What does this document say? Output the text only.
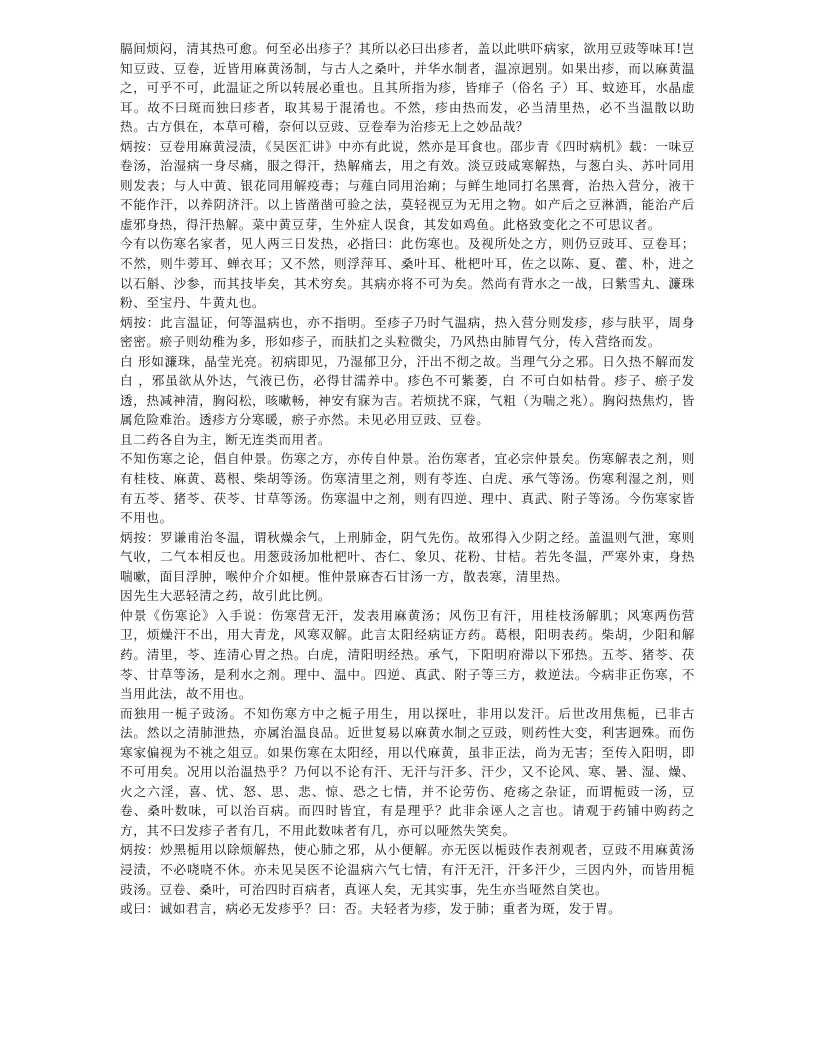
膈间烦闷，清其热可愈。何至必出疹子？其所以必曰出疹者，盖以此哄吓病家，欲用豆豉等味耳!岂知豆豉、豆卷，近皆用麻黄汤制，与古人之桑叶，并华水制者，温凉迥别。如果出疹，而以麻黄温之，可乎不可，此温证之所以转展必重也。且其所指为疹，皆痱子（俗名 子）耳、蚊迹耳，水晶虚 耳。故不曰斑而独曰疹者，取其易于混淆也。不然，疹由热而发，必当清里热，必不当温散以助热。古方俱在，本草可稽，奈何以豆豉、豆卷奉为治疹无上之妙品哉？

炳按：豆卷用麻黄浸渍，《吴医汇讲》中亦有此说，然亦是耳食也。邵步青《四时病机》载：一味豆卷汤，治湿病一身尽痛，服之得汗，热解痛去，用之有效。淡豆豉咸寒解热，与葱白头、苏叶同用则发表；与人中黄、银花同用解疫毒；与薤白同用治痢；与鲜生地同打名黑膏，治热入营分，液干不能作汗，以养阴济汗。以上皆凿凿可验之法，莫轻视豆为无用之物。如产后之豆淋酒，能治产后虚邪身热，得汗热解。菜中黄豆芽，生外症人误食，其发如鸡鱼。此格致变化之不可思议者。

今有以伤寒名家者，见人两三日发热，必指曰：此伤寒也。及视所处之方，则仍豆豉耳、豆卷耳；不然，则牛蒡耳、蝉衣耳；又不然，则浮萍耳、桑叶耳、枇杷叶耳，佐之以陈、夏、藿、朴，进之以石斛、沙参，而其技毕矣，其术穷矣。其病亦将不可为矣。然尚有背水之一战，曰紫雪丸、濂珠粉、至宝丹、牛黄丸也。

炳按：此言温证，何等温病也，亦不指明。至疹子乃时气温病，热入营分则发疹，疹与肤平，周身密密。瘀子则幼稚为多，形如疹子，而肤扪之头粒微尖，乃风热由肺胃气分，传入营络而发。

白 形如濂珠，晶莹光亮。初病即见，乃湿郁卫分，汗出不彻之故。当理气分之邪。日久热不解而发白 ，邪虽欲从外达，气液已伤，必得甘濡养中。疹色不可紫萎，白 不可白如枯骨。疹子、瘀子发透，热减神清，胸闷松，咳嗽畅，神安有寐为吉。若烦扰不寐，气粗（为喘之兆）。胸闷热焦灼，皆属危险难治。透疹方分寒暖，瘀子亦然。未见必用豆豉、豆卷。

且二药各自为主，断无连类而用者。

不知伤寒之论，倡自仲景。伤寒之方，亦传自仲景。治伤寒者，宜必宗仲景矣。伤寒解表之剂，则有桂枝、麻黄、葛根、柴胡等汤。伤寒清里之剂，则有苓连、白虎、承气等汤。伤寒利湿之剂，则有五苓、猪苓、茯苓、甘草等汤。伤寒温中之剂，则有四逆、理中、真武、附子等汤。今伤寒家皆不用也。

炳按：罗谦甫治冬温，谓秋燥余气，上刑肺金，阴气先伤。故邪得入少阴之经。盖温则气泄，寒则气收，二气本相反也。用葱豉汤加枇杷叶、杏仁、象贝、花粉、甘桔。若先冬温，严寒外束，身热喘嗽，面目浮肿，喉仲介介如梗。惟仲景麻杏石甘汤一方，散表寒，清里热。

因先生大恶轻清之药，故引此比例。

仲景《伤寒论》入手说：伤寒营无汗，发表用麻黄汤；风伤卫有汗，用桂枝汤解肌；风寒两伤营卫，烦燥汗不出，用大青龙，风寒双解。此言太阳经病证方药。葛根，阳明表药。柴胡，少阳和解药。清里，苓、连清心胃之热。白虎，清阳明经热。承气，下阳明府滞以下邪热。五苓、猪苓、茯苓、甘草等汤，是利水之剂。理中、温中。四逆、真武、附子等三方，救逆法。今病非正伤寒，不当用此法，故不用也。

而独用一栀子豉汤。不知伤寒方中之栀子用生，用以探吐，非用以发汗。后世改用焦栀，已非古法。然以之清肺泄热，亦属治温良品。近世复易以麻黄水制之豆豉，则药性大变，利害迥殊。而伤寒家偏视为不祧之俎豆。如果伤寒在太阳经，用以代麻黄，虽非正法，尚为无害；至传入阳明，即不可用矣。况用以治温热乎？乃何以不论有汗、无汗与汗多、汗少，又不论风、寒、暑、湿、燥、火之六淫，喜、忧、怒、思、悲、惊、恐之七情，并不论劳伤、疮疡之杂证，而谓栀豉一汤，豆卷、桑叶数味，可以治百病。而四时皆宜，有是理乎？此非余诬人之言也。请观于药铺中购药之方，其不曰发疹子者有几，不用此数味者有几，亦可以哑然失笑矣。

炳按：炒黑栀用以除烦解热，使心肺之邪，从小便解。亦无医以栀豉作表剂观者，豆豉不用麻黄汤浸渍，不必哓哓不休。亦未见吴医不论温病六气七情，有汗无汗，汗多汗少，三因内外，而皆用栀豉汤。豆卷、桑叶，可治四时百病者，真诬人矣，无其实事，先生亦当哑然自笑也。

或曰：诚如君言，病必无发疹乎？曰：否。夫轻者为疹，发于肺；重者为斑，发于胃。
